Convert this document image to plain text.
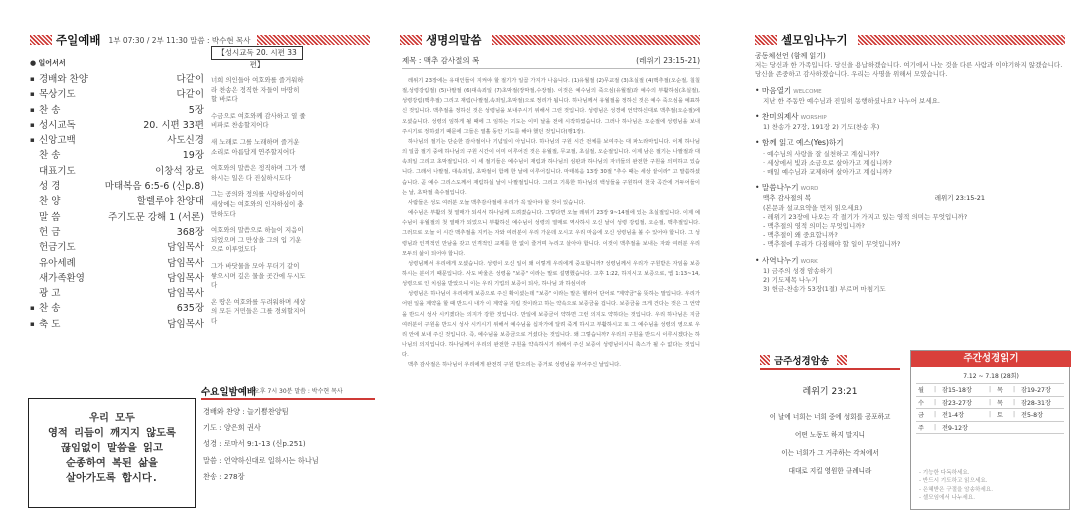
주일예배	1부 07:30 / 2부 11:30 말씀 : 박수현 목사
【성시교독 20. 시편 33편】
● 일어서서
▪ 경배와 찬양	다같이
▪ 목상기도	다같이
▪ 찬 송	5장
▪ 성시교독	20. 시편 33편
▪ 신앙고백	사도신경
찬 송	19장
대표기도	이창석 장로
성 경	마태복음 6:5-6 (신p.8)
찬 양	할렐루야 찬양대
말 씀	주기도문 강해 1 (서론)
헌 금	368장
헌금기도	담임목사
유아세례	담임목사
새가족환영	담임목사
광 고	담임목사
▪ 찬 송	635장
▪ 축 도	담임목사

너희 의인들아 여호와를 즐거워하라 찬송은 정직한 자들이 마땅히 할 바로다

수금으로 여호와께 감사하고 열 줄 비파로 찬송할지어다

새 노래로 그를 노래하며 즐거운 소리로 아름답게 연주할지어다

여호와의 말씀은 정직하며 그가 행하시는 일은 다 진실하시도다

그는 공의와 정의를 사랑하심이여 세상에는 여호와의 인자하심이 충만하도다

여호와의 말씀으로 하늘이 지음이 되었으며 그 만상을 그의 입 기운으로 이루었도다

그가 바닷물을 모아 무더기 같이 쌓으시며 깊은 물을 곳간에 두시도다

온 땅은 여호와를 두려워하며 세상의 모든 거민들은 그를 경외할지어다

우리 모두
영적 리듬이 깨지지 않도록
끊임없이 말씀을 읽고
순종하여 복된 삶을
살아가도록 합시다.
수요일밤예배
오후 7시 30분 말씀 : 박수현 목사
경배와 찬양 : 늘기쁨찬양팀
기도 : 양은희 권사
성경 : 로마서 9:1-13 (신p.251)
말씀 : 언약하신대로 일하시는 하나님
찬송 : 278장
생명의말씀
제목 : 맥추 감사절의 복	(레위기 23:15-21)

레위기 23장에는 유대인들이 지켜야 할 절기가 일곱 가지가 나옵니다. (1)유월절 (2)무교절 (3)초실절 (4)맥추절(오순절, 칠칠절,성령강림절) (5)나팔절 (6)대속죄일 (7)초막절(장막절,수장절). 이것은 예수님의 죽으심(유월절)과 예수의 부활하심(초실절), 성령강림(맥추절) 그리고 재림(나팔절,속죄일,초막절)으로 정리가 됩니다. 하나님께서 유월절을 정하신 것은 예수 죽으심을 예표하신 것입니다. 맥추절을 정하신 것은 성령님을 보내주시기 위해서 그런 것입니다. 성령님은 성경에 언약하신대로 맥추절(오순절)에 오셨습니다. 성령의 임하게 될 때에 그 임하는 기도는 이미 날을 전에 시작하였습니다. 그러나 하나님은 오순절에 성령님을 보내 주시기로 정하셨기 때문에 그들은 열흘 동안 기도를 해야 했던 것입니다(행1장).

하나님의 절기는 단순한 감사절이나 기념일이 아닙니다. 하나님의 구원 시간 전체를 보여주는 대 파노라마입니다. 이제 하나님의 일곱 절기 중에 하나님의 구원 시간이 이미 이루어진 것은 유월절, 무교절, 초실절, 오순절입니다. 이제 남은 절기는 나팔절과 대속죄일 그리고 초막절입니다. 이 세 절기들은 예수님이 재림과 하나님의 심판과 하나님의 자녀들의 완전한 구원을 의미하고 있습니다. 그래서 나팔절, 대속죄일, 초막절이 함께 한 날에 이루어집니다. 마태복음 13장 30절 "추수 때는 세상 끝이라" 고 말씀하셨습니다. 곧 예수 그리스도께서 재림하실 날이 나팔절입니다. 그리고 기록한 하나님의 백성들을 구원하여 천국 곡간에 거두어들이는 날, 초막절 축수절입니다.

사람들은 성도 여러분 오늘 맥추감사절에 우리가 꼭 알아야 할 것이 있습니다.

예수님은 부활의 첫 열매가 되셔서 하나님께 드려졌습니다. 그렇다면 오늘 레위기 23장 9~14절에 있는 초실절입니다. 이제 예수님이 유월절의 첫 열매가 되었으니 부활하신 예수님이 성령의 열매로 역사하시 오신 날이 성령 강림절, 오순절, 맥추절입니다. 그러므로 오늘 이 시간 맥추절을 지키는 자와 여러분이 우리 가운데 오시고 우리 마음에 오신 성령님을 볼 수 있어야 합니다. 그 성령님과 인격적인 만남을 갖고 인격적인 교제를 한 없이 즐거며 누리고 살아야 합니다. 이것이 맥추절을 보내는 자와 여러분 우리 모두의 삶이 되어야 합니다.

성령님께서 우리에게 오셨습니다. 성령이 오신 일이 왜 이렇게 우리에게 중요할니까? 성령님께서 우리가 구원받은 자임을 보증하시는 분이기 때문입니다. 사도 바울은 성령을 "보증" 이라는 말로 설명했습니다. 고후 1:22, 하지시고 보증으로, 엡 1:13~14, 성령으로 인 치심을 받았으니 이는 우리 기업의 보증이 되사, 하나님 과 하심이라

성령님은 하나님이 우리에게 보증으로 주신 확이셨는데 "보증" 이라는 말은 헬라어 단어로 "계약금"을 뜻하는 말입니다. 우리가 어떤 일을 계약을 할 때 반드시 내가 이 계약을 지킬 것이라고 하는 약속으로 보증금을 겁니다. 보증금을 크게 건다는 것은 그 언약을 반드시 성사 시키겠다는 의지가 강한 것입니다. 만일에 보증금이 약하면 그런 의지도 약하다는 것입니다. 우리 하나님은 지금 여러분이 구원을 반드시 성사 시키시기 위해서 예수님을 십자가에 달려 죽게 하시고 부활하시고 또 그 예수님을 성령의 영으로 우리 안에 보내 주신 것입니다. 즉, 예수님을 보증금으로 거셨다는 것입니다. 왜 그렇습니까? 우리의 구원을 반드시 이루시겠다는 하나님의 의지입니다. 하나님께서 우리의 완전한 구원을 약속하시기 위해서 주신 보증이 성령님이시니 축스가 될 수 없다는 것입니다.

맥추 감사절은 하나님이 우리에게 완전히 구원 받으리는 증거로 성령님을 부어주신 날입니다.

셀모임나누기
공동체선언 (함께 읽기)
저는 당신과 한 가족입니다. 당신을 용납하겠습니다. 여기에서 나눈 것을 다른 사람과 이야기하지 않겠습니다. 당신을 존중하고 감사하겠습니다. 우리는 사명을 위해서 모였습니다.
• 마음열기 WELCOME
지난 한 주동안 예수님과 진밀히 동행하셨나요? 나누어 보세요.
• 찬미의제사 WORSHIP
1) 찬송가 27장, 191장 2) 기도(찬송 후)
• 함께 읽고 예스(Yes)하기
· 예수님의 사랑을 잘 실천하고 계십니까?
· 세상에서 빛과 소금으로 살아가고 계십니까?
· 매일 예수님과 교제하며 살아가고 계십니까?
• 말씀나누기 WORD
맥추 감사절의 복	레위기 23:15-21
(본문과 설교요약을 먼저 읽으세요)
- 레위기 23장에 나오는 각 절기가 가지고 있는 영적 의미는 무엇입니까?
- 맥추절의 영적 의미는 무엇입니까?
- 맥추절이 왜 중요합니까?
- 맥추절에 우리가 다짐해야 할 일이 무엇입니까?
• 사역나누기 WORK
1) 금주의 성경 암송하기
2) 기도제목 나누기
3) 헌금-찬송가 53장(1절) 부르며 마침기도
금주성경암송
레위기 23:21
이 날에 너희는 너희 중에 성회를 공포하고
어떤 노동도 하지 말지니
이는 너희가 그 거주하는 각처에서
대대로 지킬 영원한 규례니라
주간성경읽기
7.12 ~ 7.18 (28회)
월	|	잠15-18장	|	목	|	잠19-27장
수	|	잠23-27장	|	목	|	잠28-31장
금	|	전1-4장	|	토	|	전5-8장
주	|	전9-12장				
- 기능한 다독하세요.
- 반드시 기도하고 읽으세요.
- 은혜받은 구절을 암송하세요.
- 셀모임에서 나누세요.
